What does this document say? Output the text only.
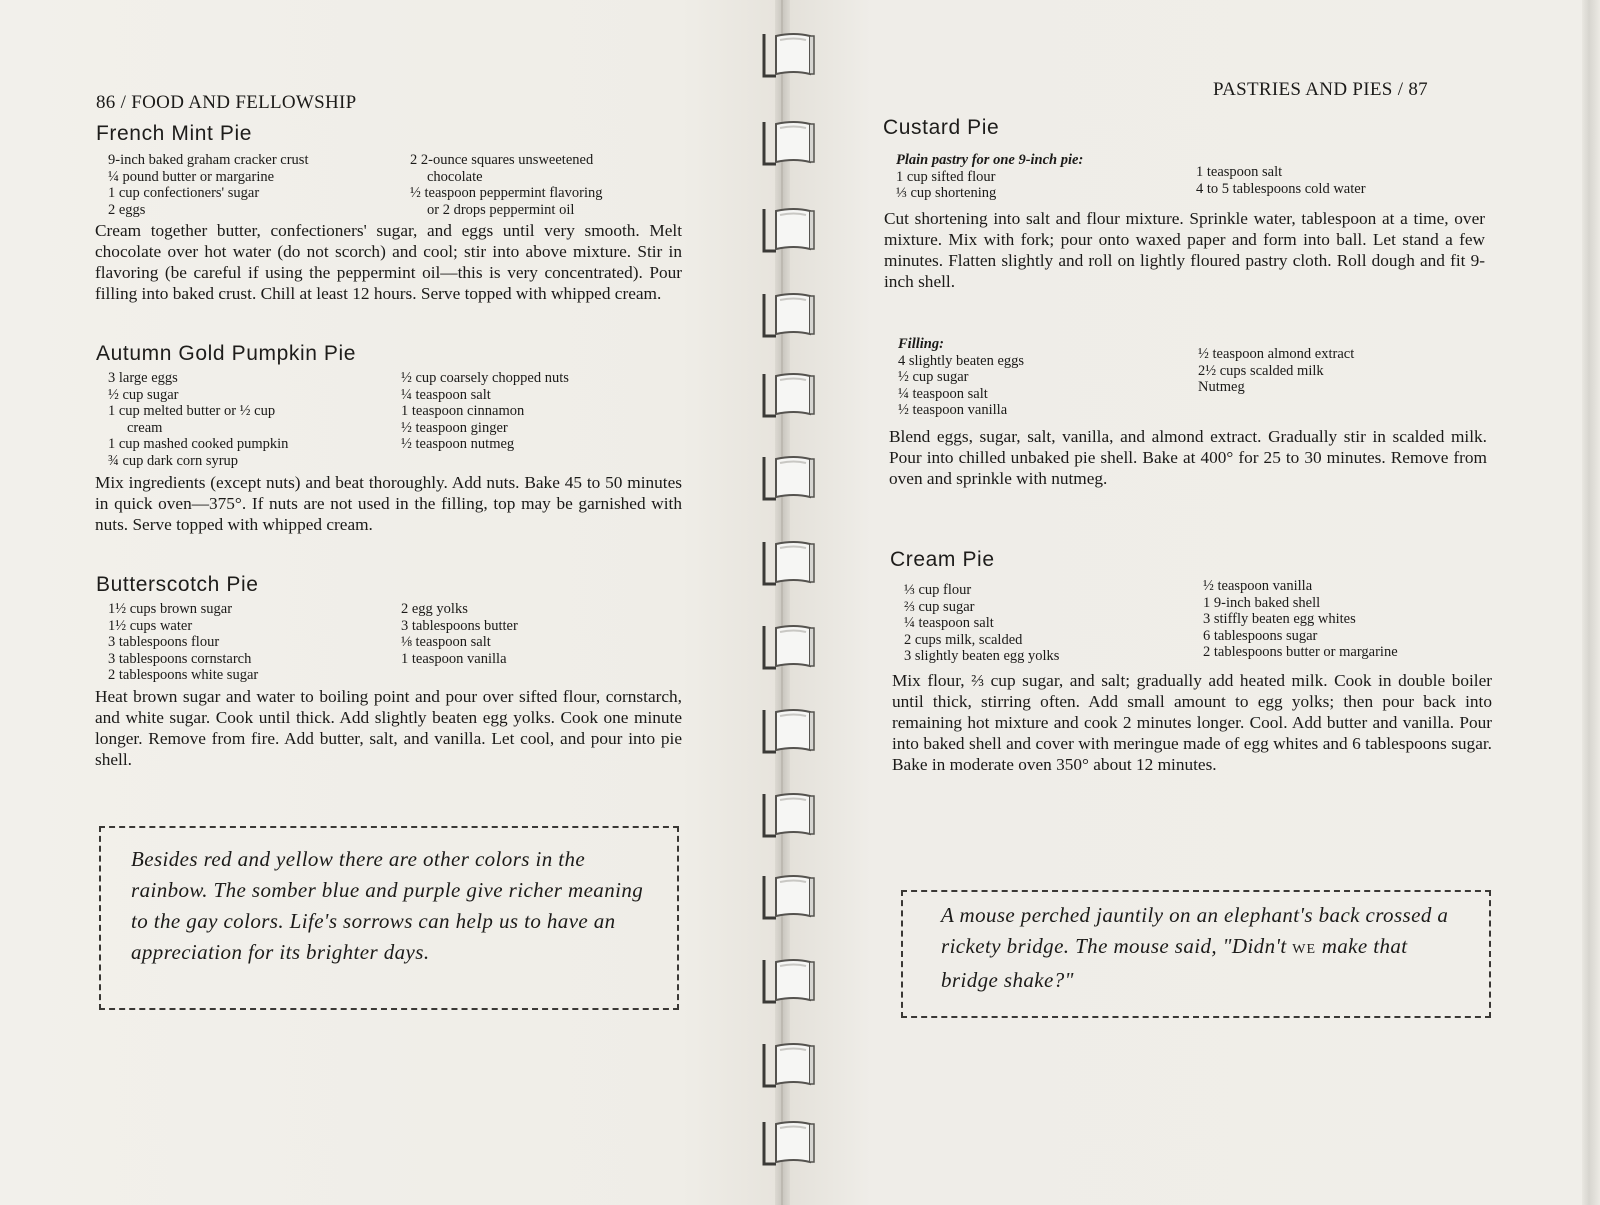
86 / FOOD AND FELLOWSHIP
French Mint Pie
9-inch baked graham cracker crust
¼ pound butter or margarine
1 cup confectioners' sugar
2 eggs
2 2-ounce squares unsweetened
chocolate
½ teaspoon peppermint flavoring
or 2 drops peppermint oil
Cream together butter, confectioners' sugar, and eggs until very smooth. Melt chocolate over hot water (do not scorch) and cool; stir into above mixture. Stir in flavoring (be careful if using the peppermint oil—this is very concentrated). Pour filling into baked crust. Chill at least 12 hours. Serve topped with whipped cream.
Autumn Gold Pumpkin Pie
3 large eggs
½ cup sugar
1 cup melted butter or ½ cup
cream
1 cup mashed cooked pumpkin
¾ cup dark corn syrup
½ cup coarsely chopped nuts
¼ teaspoon salt
1 teaspoon cinnamon
½ teaspoon ginger
½ teaspoon nutmeg
Mix ingredients (except nuts) and beat thoroughly. Add nuts. Bake 45 to 50 minutes in quick oven—375°. If nuts are not used in the filling, top may be garnished with nuts. Serve topped with whipped cream.
Butterscotch Pie
1½ cups brown sugar
1½ cups water
3 tablespoons flour
3 tablespoons cornstarch
2 tablespoons white sugar
2 egg yolks
3 tablespoons butter
⅛ teaspoon salt
1 teaspoon vanilla
Heat brown sugar and water to boiling point and pour over sifted flour, cornstarch, and white sugar. Cook until thick. Add slightly beaten egg yolks. Cook one minute longer. Remove from fire. Add butter, salt, and vanilla. Let cool, and pour into pie shell.
Besides red and yellow there are other colors in the rainbow. The somber blue and purple give richer meaning to the gay colors. Life's sorrows can help us to have an appreciation for its brighter days.
PASTRIES AND PIES / 87
Custard Pie
Plain pastry for one 9-inch pie:
1 cup sifted flour
⅓ cup shortening
1 teaspoon salt
4 to 5 tablespoons cold water
Cut shortening into salt and flour mixture. Sprinkle water, tablespoon at a time, over mixture. Mix with fork; pour onto waxed paper and form into ball. Let stand a few minutes. Flatten slightly and roll on lightly floured pastry cloth. Roll dough and fit 9-inch shell.
Filling:
4 slightly beaten eggs
½ cup sugar
¼ teaspoon salt
½ teaspoon vanilla
½ teaspoon almond extract
2½ cups scalded milk
Nutmeg
Blend eggs, sugar, salt, vanilla, and almond extract. Gradually stir in scalded milk. Pour into chilled unbaked pie shell. Bake at 400° for 25 to 30 minutes. Remove from oven and sprinkle with nutmeg.
Cream Pie
⅓ cup flour
⅔ cup sugar
¼ teaspoon salt
2 cups milk, scalded
3 slightly beaten egg yolks
½ teaspoon vanilla
1 9-inch baked shell
3 stiffly beaten egg whites
6 tablespoons sugar
2 tablespoons butter or margarine
Mix flour, ⅔ cup sugar, and salt; gradually add heated milk. Cook in double boiler until thick, stirring often. Add small amount to egg yolks; then pour back into remaining hot mixture and cook 2 minutes longer. Cool. Add butter and vanilla. Pour into baked shell and cover with meringue made of egg whites and 6 tablespoons sugar. Bake in moderate oven 350° about 12 minutes.
A mouse perched jauntily on an elephant's back crossed a rickety bridge. The mouse said, "Didn't WE make that bridge shake?"
